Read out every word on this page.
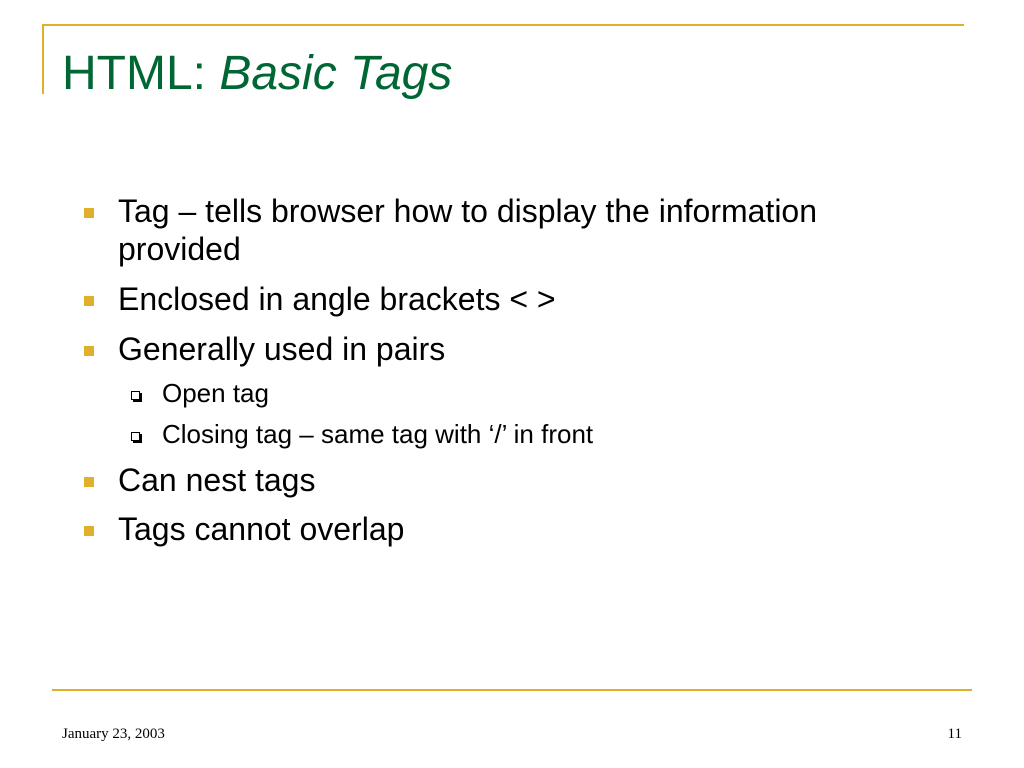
HTML: Basic Tags
Tag – tells browser how to display the information provided
Enclosed in angle brackets < >
Generally used in pairs
Open tag
Closing tag – same tag with ‘/’ in front
Can nest tags
Tags cannot overlap
January 23, 2003	11
